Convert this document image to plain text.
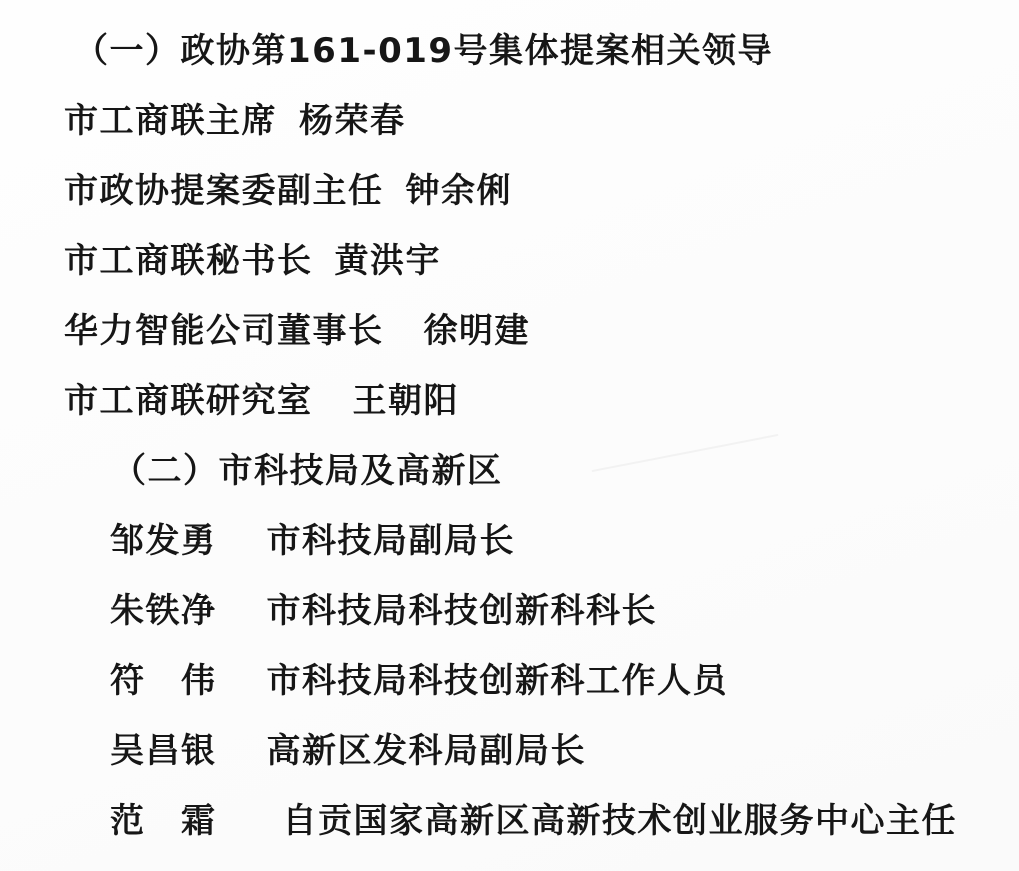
（一）政协第161-019号集体提案相关领导

市工商联主席 杨荣春

市政协提案委副主任 钟余俐

市工商联秘书长 黄洪宇

华力智能公司董事长 徐明建

市工商联研究室 王朝阳

（二）市科技局及高新区

邹发勇 市科技局副局长

朱铁净 市科技局科技创新科科长

符　伟 市科技局科技创新科工作人员

吴昌银 高新区发科局副局长

范　霜 自贡国家高新区高新技术创业服务中心主任
